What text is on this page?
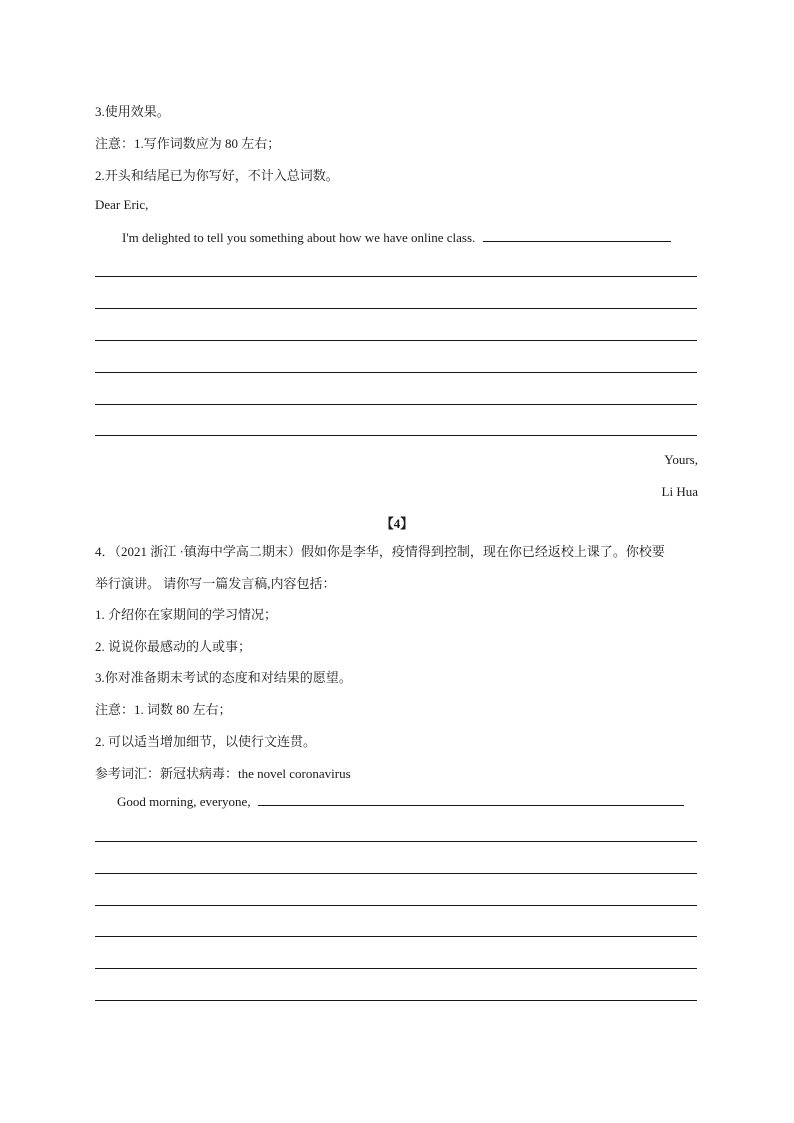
3.使用效果。
注意：1.写作词数应为 80 左右；
2.开头和结尾已为你写好，不计入总词数。
Dear Eric,
I'm delighted to tell you something about how we have online class.
Yours,
Li Hua
【4】
4．（2021 浙江 ·镇海中学高二期末）假如你是李华，疫情得到控制，现在你已经返校上课了。你校要
举行演讲。 请你写一篇发言稿,内容包括：
1. 介绍你在家期间的学习情况；
2. 说说你最感动的人或事；
3.你对准备期末考试的态度和对结果的愿望。
注意：1. 词数 80 左右；
2. 可以适当增加细节，以使行文连贯。
参考词汇：新冠状病毒：the novel coronavirus
Good morning, everyone,
